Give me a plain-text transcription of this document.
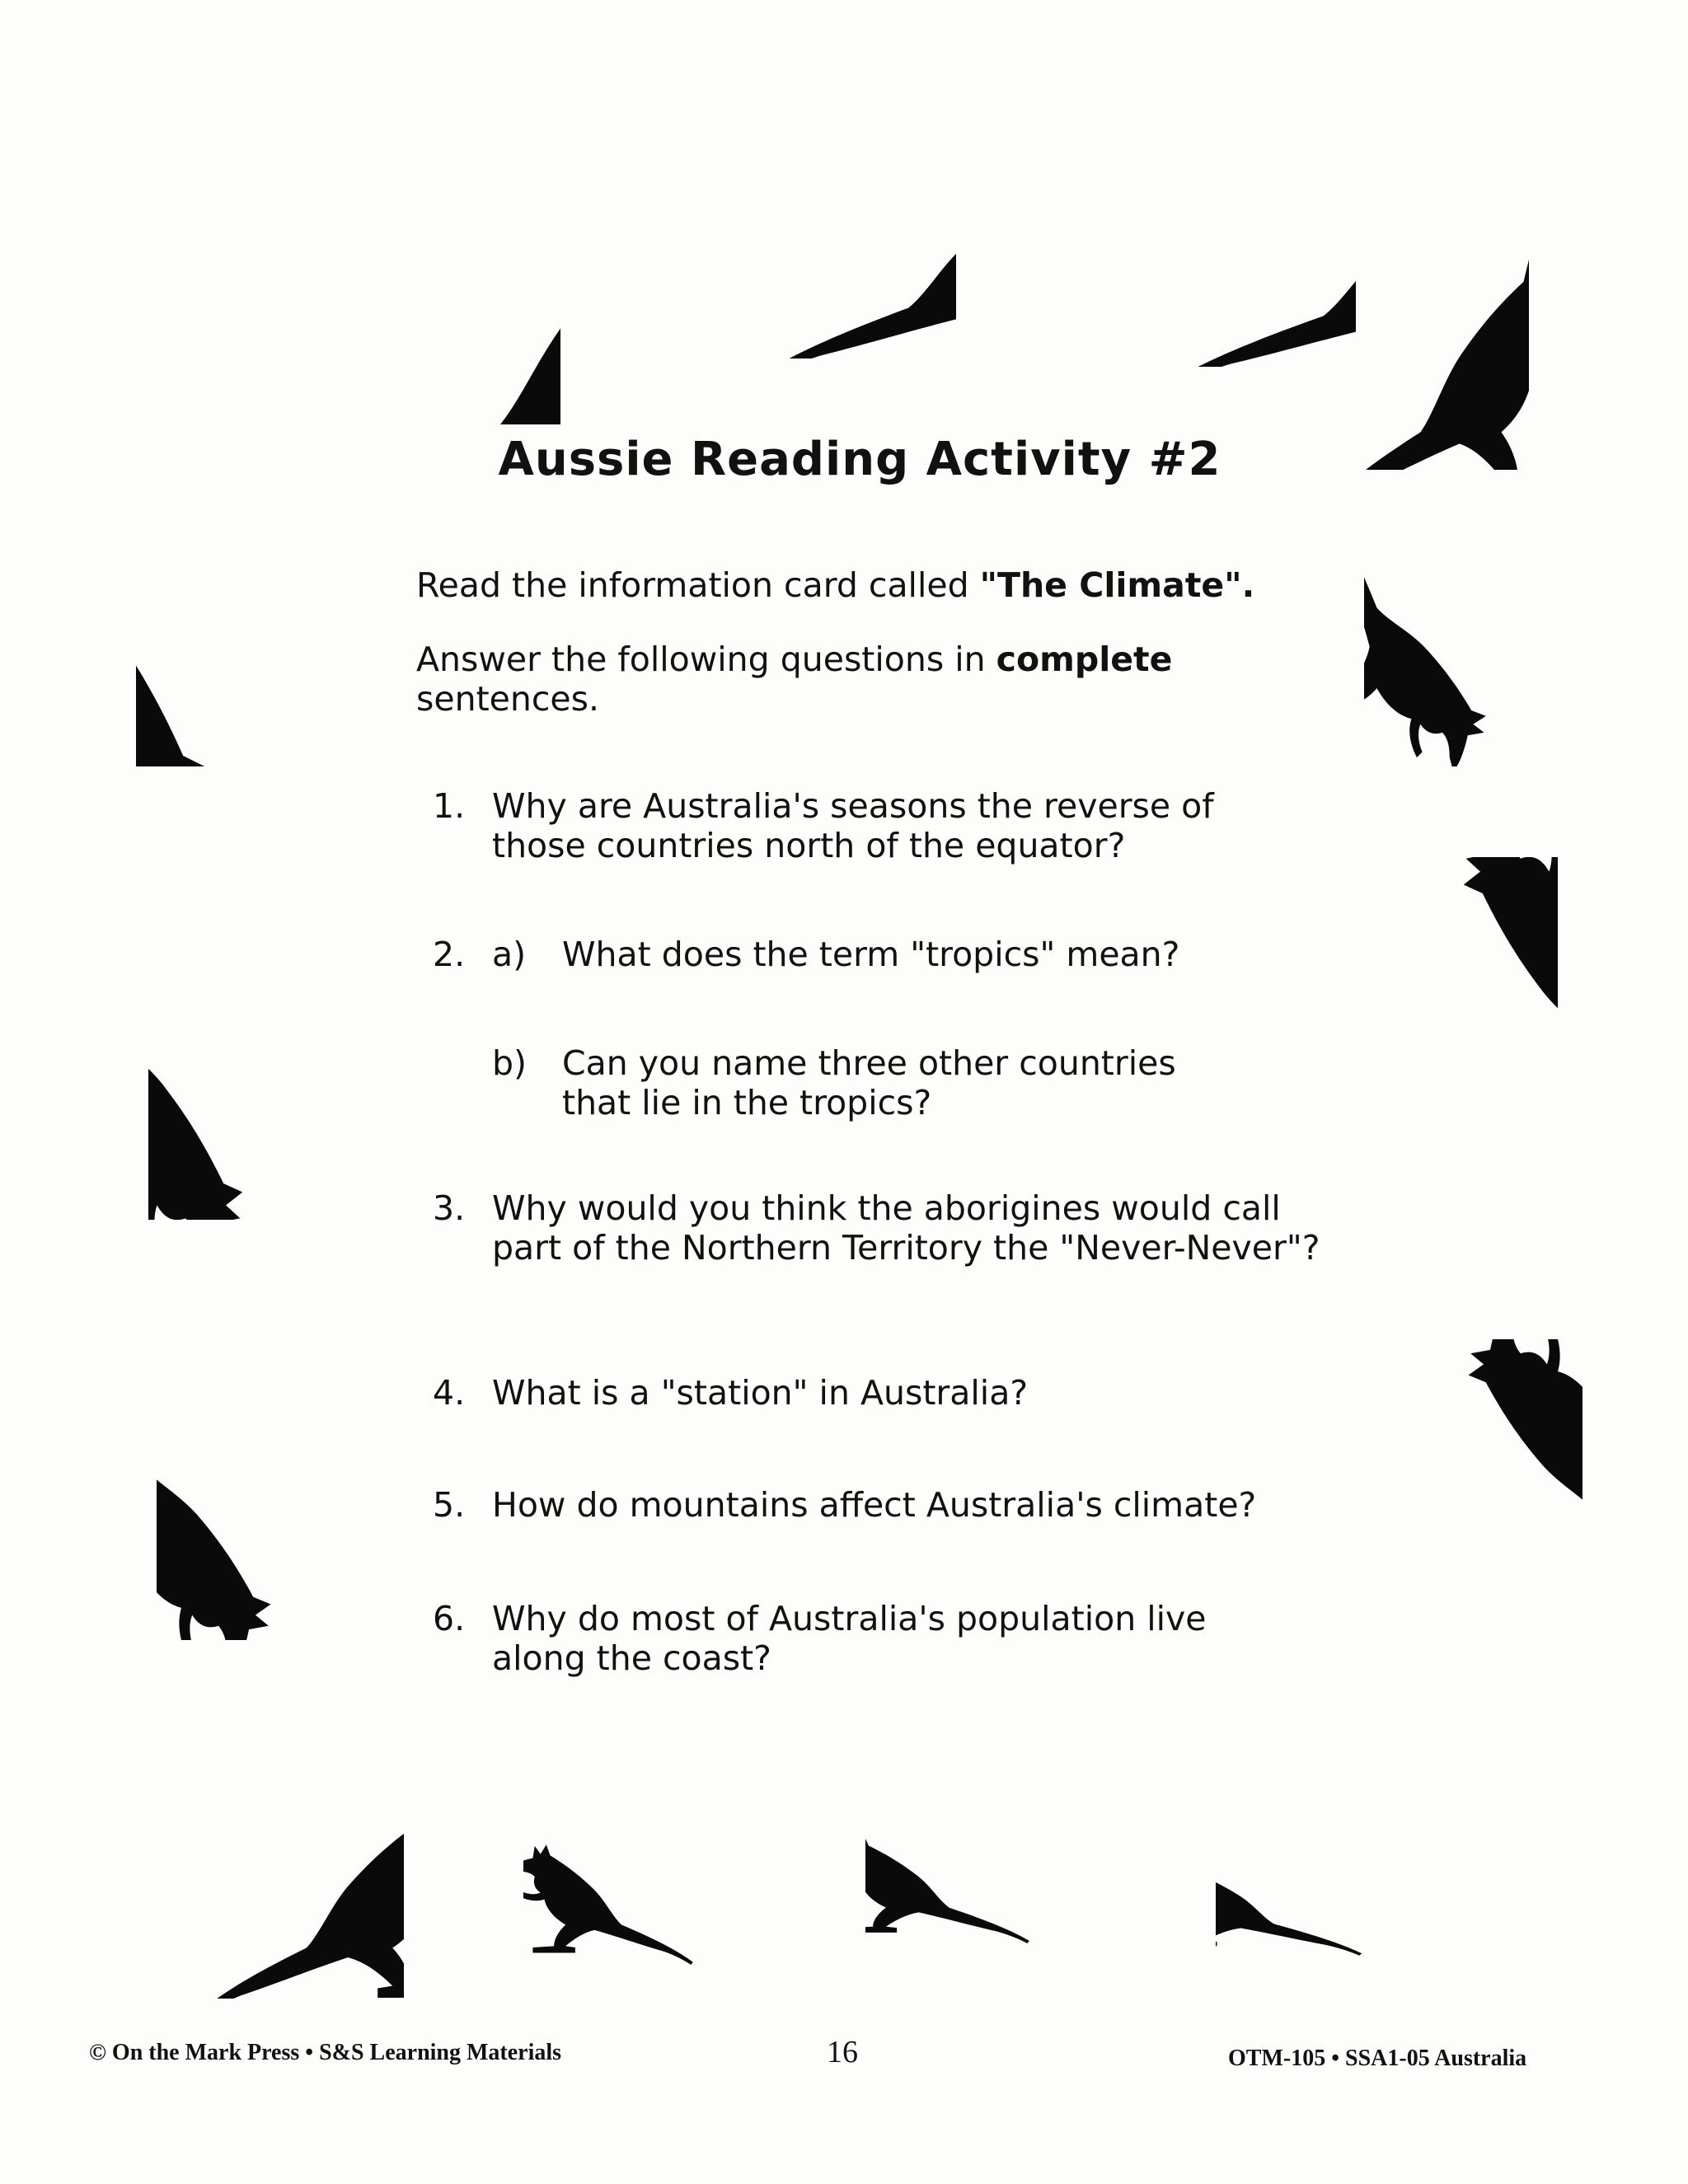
Aussie Reading Activity #2
Read the information card called "The Climate".
Answer the following questions in complete sentences.
1. Why are Australia's seasons the reverse of those countries north of the equator?
2. a) What does the term "tropics" mean?
b) Can you name three other countries that lie in the tropics?
3. Why would you think the aborigines would call part of the Northern Territory the "Never-Never"?
4. What is a "station" in Australia?
5. How do mountains affect Australia's climate?
6. Why do most of Australia's population live along the coast?
© On the Mark Press • S&S Learning Materials	16	OTM-105 • SSA1-05 Australia
